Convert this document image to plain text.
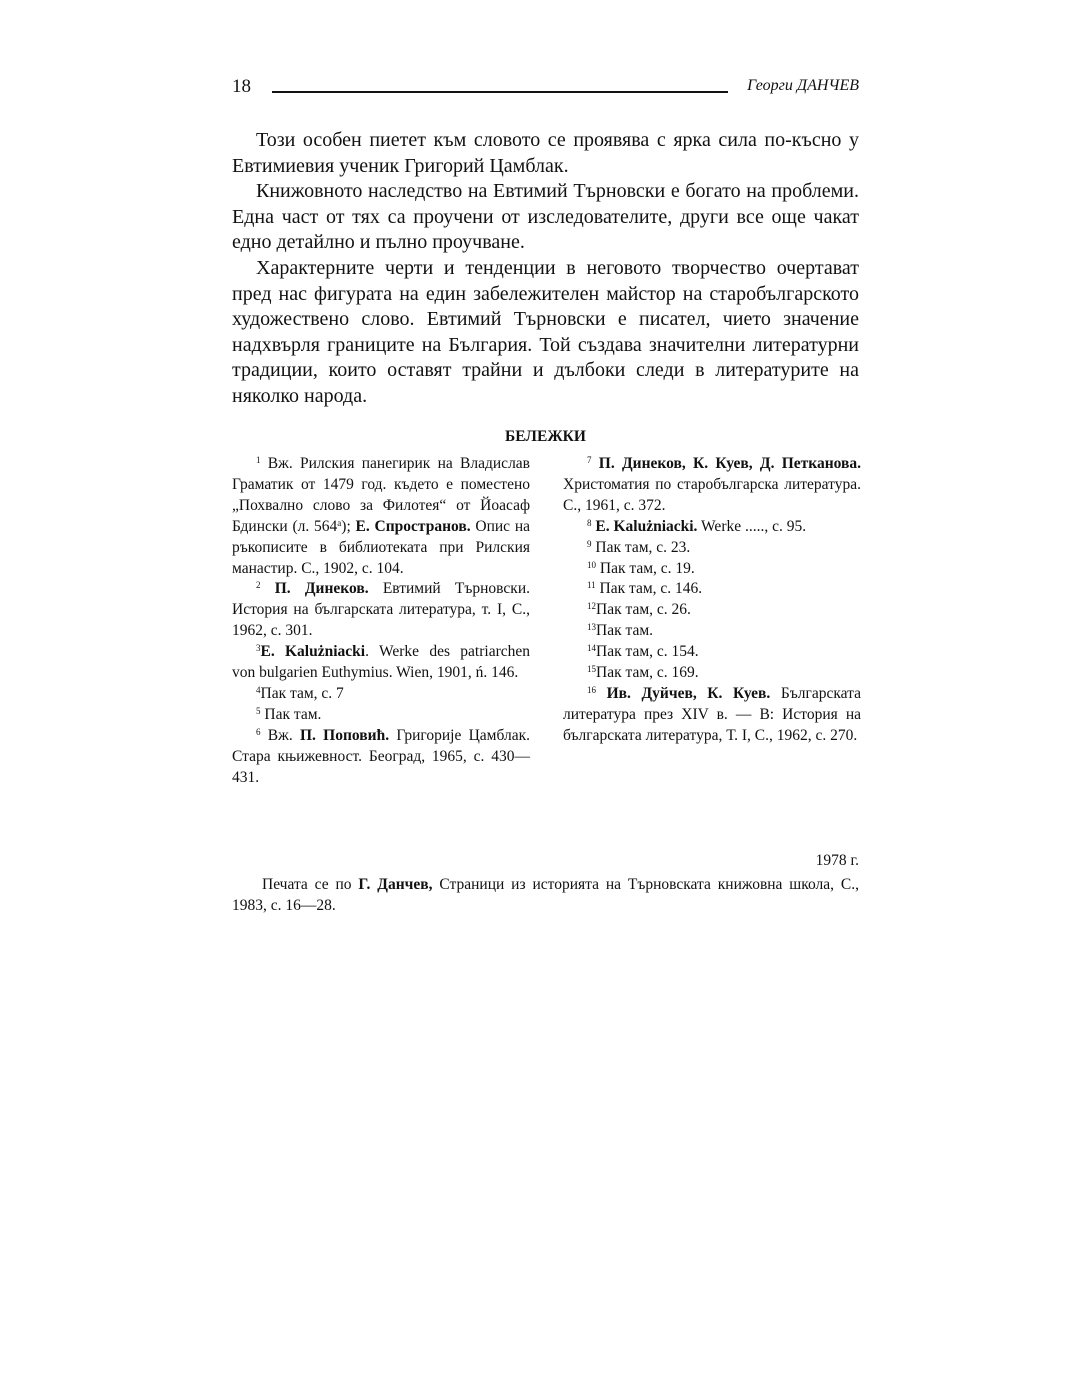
18	Георги ДАНЧЕВ

Този особен пиетет към словото се проявява с ярка сила по-късно у Евтимиевия ученик Григорий Цамблак.

Книжовното наследство на Евтимий Търновски е богато на проблеми. Една част от тях са проучени от изследователите, други все още чакат едно детайлно и пълно проучване.

Характерните черти и тенденции в неговото творчество очертават пред нас фигурата на един забележителен майстор на старобългарското художествено слово. Евтимий Търновски е писател, чието значение надхвърля границите на България. Той създава значителни литературни традиции, които оставят трайни и дълбоки следи в литературите на няколко народа.

БЕЛЕЖКИ

$^1$ Вж. Рилския панегирик на Владислав Граматик от 1479 год. където е поместено „Похвално слово за Филотея“ от Йоасаф Бдински (л. $564^а$); Е. Спространов. Опис на ръкописите в библиотеката при Рилския манастир. С., 1902, с. 104.

$^2$ П. Динеков. Евтимий Търновски. История на българската литература, т. I, С., 1962, с. 301.

$^3$E. Kalużniacki. Werke des patriarchen von bulgarien Euthymius. Wien, 1901, ń. 146.

$^4$Пак там, с. 7

$^5$ Пак там.

$^6$ Вж. П. Поповић. Григорије Цамблак. Стара књижевност. Београд, 1965, с. 430—431.

$^7$ П. Динеков, К. Куев, Д. Петканова. Христоматия по старобългарска литература. С., 1961, с. 372.

$^8$ E. Kalużniacki. Werke ....., с. 95.

$^9$ Пак там, с. 23.

$^{10}$ Пак там, с. 19.

$^{11}$ Пак там, с. 146.

$^{12}$Пак там, с. 26.

$^{13}$Пак там.

$^{14}$Пак там, с. 154.

$^{15}$Пак там, с. 169.

$^{16}$ Ив. Дуйчев, К. Куев. Българската литература през XIV в. — В: История на българската литература, Т. I, С., 1962, с. 270.

1978 г.
Печата се по Г. Данчев, Страници из историята на Търновската книжовна школа, С., 1983, с. 16—28.
